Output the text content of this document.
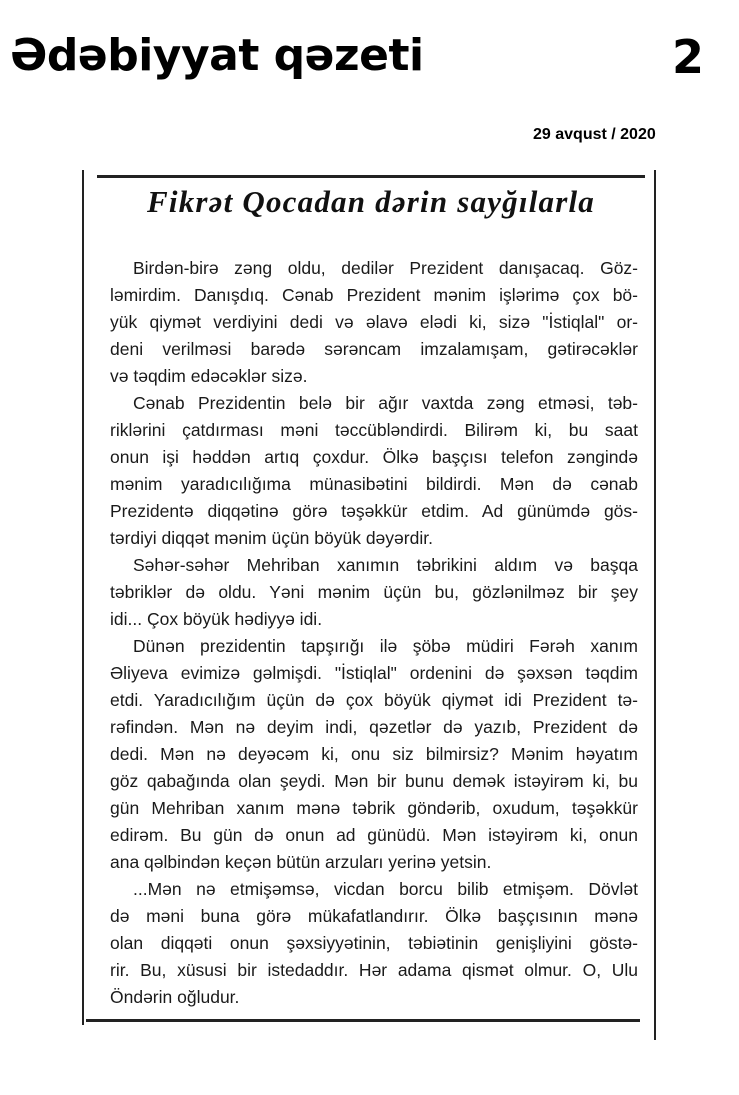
Ədəbiyyat qəzeti	2
29 avqust / 2020
Fikrət Qocadan dərin sayğılarla
Birdən-birə zəng oldu, dedilər Prezident danışacaq. Göz-
ləmirdim. Danışdıq. Cənab Prezident mənim işlərimə çox bö-
yük qiymət verdiyini dedi və əlavə elədi ki, sizə "İstiqlal" or-
deni verilməsi barədə sərəncam imzalamışam, gətirəcəklər
və təqdim edəcəklər sizə.
Cənab Prezidentin belə bir ağır vaxtda zəng etməsi, təb-
riklərini çatdırması məni təccübləndirdi. Bilirəm ki, bu saat
onun işi həddən artıq çoxdur. Ölkə başçısı telefon zəngində
mənim yaradıcılığıma münasibətini bildirdi. Mən də cənab
Prezidentə diqqətinə görə təşəkkür etdim. Ad günümdə gös-
tərdiyi diqqət mənim üçün böyük dəyərdir.
Səhər-səhər Mehriban xanımın təbrikini aldım və başqa
təbriklər də oldu. Yəni mənim üçün bu, gözlənilməz bir şey
idi... Çox böyük hədiyyə idi.
Dünən prezidentin tapşırığı ilə şöbə müdiri Fərəh xanım
Əliyeva evimizə gəlmişdi. "İstiqlal" ordenini də şəxsən təqdim
etdi. Yaradıcılığım üçün də çox böyük qiymət idi Prezident tə-
rəfindən. Mən nə deyim indi, qəzetlər də yazıb, Prezident də
dedi. Mən nə deyəcəm ki, onu siz bilmirsiz? Mənim həyatım
göz qabağında olan şeydi. Mən bir bunu demək istəyirəm ki, bu
gün Mehriban xanım mənə təbrik göndərib, oxudum, təşəkkür
edirəm. Bu gün də onun ad günüdü. Mən istəyirəm ki, onun
ana qəlbindən keçən bütün arzuları yerinə yetsin.
...Mən nə etmişəmsə, vicdan borcu bilib etmişəm. Dövlət
də məni buna görə mükafatlandırır. Ölkə başçısının mənə
olan diqqəti onun şəxsiyyətinin, təbiətinin genişliyini göstə-
rir. Bu, xüsusi bir istedaddır. Hər adama qismət olmur. O, Ulu
Öndərin oğludur.
